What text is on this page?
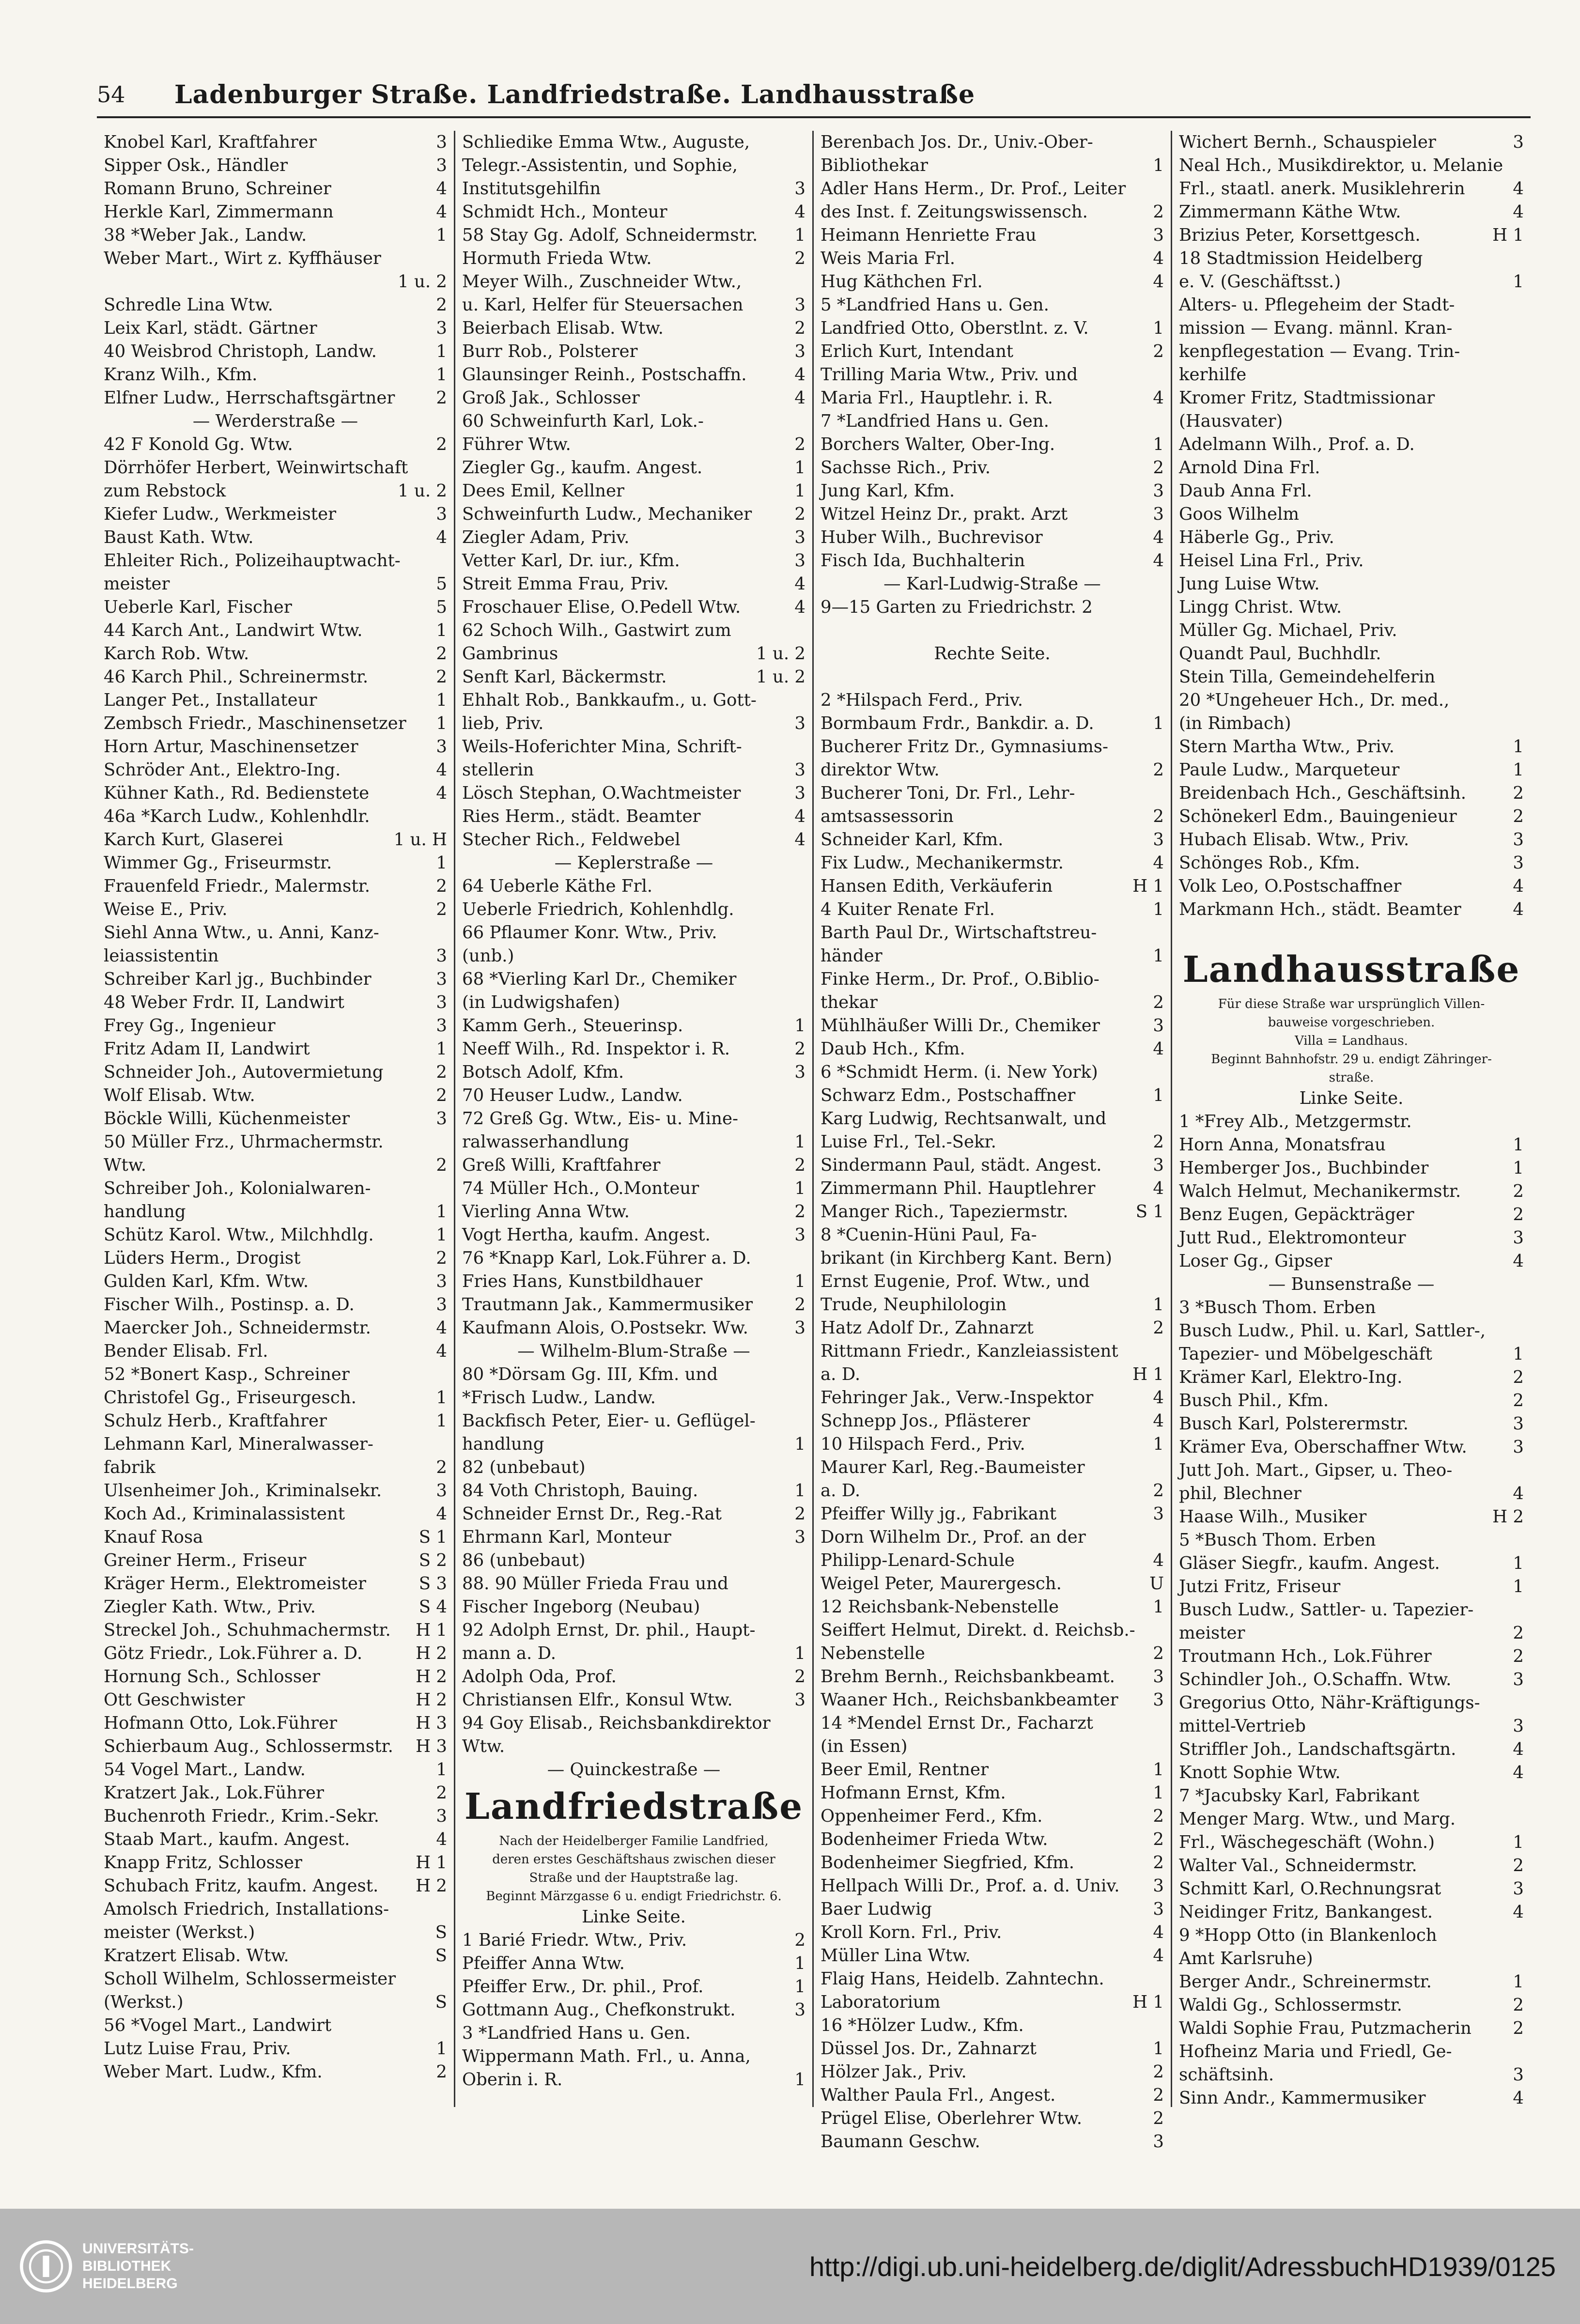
54	Ladenburger Straße. Landfriedstraße. Landhausstraße
Knobel Karl, Kraftfahrer	3
Sipper Osk., Händler	3
Romann Bruno, Schreiner	4
Herkle Karl, Zimmermann	4
38 *Weber Jak., Landw.	1
Weber Mart., Wirt z. Kyffhäuser
1 u. 2
Schredle Lina Wtw.	2
Leix Karl, städt. Gärtner	3
40 Weisbrod Christoph, Landw.	1
Kranz Wilh., Kfm.	1
Elfner Ludw., Herrschaftsgärtner 2
— Werderstraße —
42 F Konold Gg. Wtw.	2
Dörrhöfer Herbert, Weinwirtschaft
zum Rebstock	1 u. 2
Kiefer Ludw., Werkmeister	3
Baust Kath. Wtw.	4
Ehleiter Rich., Polizeihauptwacht-
meister	5
Ueberle Karl, Fischer	5
44 Karch Ant., Landwirt Wtw.	1
Karch Rob. Wtw.	2
46 Karch Phil., Schreinermstr.	2
Langer Pet., Installateur	1
Zembsch Friedr., Maschinensetzer 1
Horn Artur, Maschinensetzer	3
Schröder Ant., Elektro-Ing.	4
Kühner Kath., Rd. Bedienstete	4
46a *Karch Ludw., Kohlenhdlr.
Karch Kurt, Glaserei	1 u. H
Wimmer Gg., Friseurmstr.	1
Frauenfeld Friedr., Malermstr.	2
Weise E., Priv.	2
Siehl Anna Wtw., u. Anni, Kanz-
leiassistentin	3
Schreiber Karl jg., Buchbinder	3
48 Weber Frdr. II, Landwirt	3
Frey Gg., Ingenieur	3
Fritz Adam II, Landwirt	1
Schneider Joh., Autovermietung	2
Wolf Elisab. Wtw.	2
Böckle Willi, Küchenmeister	3
50 Müller Frz., Uhrmachermstr.
Wtw.	2
Schreiber Joh., Kolonialwaren-
handlung	1
Schütz Karol. Wtw., Milchhdlg.	1
Lüders Herm., Drogist	2
Gulden Karl, Kfm. Wtw.	3
Fischer Wilh., Postinsp. a. D.	3
Maercker Joh., Schneidermstr.	4
Bender Elisab. Frl.	4
52 *Bonert Kasp., Schreiner
Christofel Gg., Friseurgesch.	1
Schulz Herb., Kraftfahrer	1
Lehmann Karl, Mineralwasser-
fabrik	2
Ulsenheimer Joh., Kriminalsekr.	3
Koch Ad., Kriminalassistent	4
Knauf Rosa	S 1
Greiner Herm., Friseur	S 2
Kräger Herm., Elektromeister	S 3
Ziegler Kath. Wtw., Priv.	S 4
Streckel Joh., Schuhmachermstr. H 1
Götz Friedr., Lok.Führer a. D.	H 2
Hornung Sch., Schlosser	H 2
Ott Geschwister	H 2
Hofmann Otto, Lok.Führer	H 3
Schierbaum Aug., Schlossermstr. H 3
54 Vogel Mart., Landw.	1
Kratzert Jak., Lok.Führer	2
Buchenroth Friedr., Krim.-Sekr.	3
Staab Mart., kaufm. Angest.	4
Knapp Fritz, Schlosser	H 1
Schubach Fritz, kaufm. Angest. H 2
Amolsch Friedrich, Installations-
meister (Werkst.)	S
Kratzert Elisab. Wtw.	S
Scholl Wilhelm, Schlossermeister
(Werkst.)	S
56 *Vogel Mart., Landwirt
Lutz Luise Frau, Priv.	1
Weber Mart. Ludw., Kfm.	2
Schliedike Emma Wtw., Auguste,
Telegr.-Assistentin, und Sophie,
Institutsgehilfin	3
Schmidt Hch., Monteur	4
58 Stay Gg. Adolf, Schneidermstr. 1
Hormuth Frieda Wtw.	2
Meyer Wilh., Zuschneider Wtw.,
u. Karl, Helfer für Steuersachen	3
Beierbach Elisab. Wtw.	2
Burr Rob., Polsterer	3
Glaunsinger Reinh., Postschaffn.	4
Groß Jak., Schlosser	4
60 Schweinfurth Karl, Lok.-
Führer Wtw.	2
Ziegler Gg., kaufm. Angest.	1
Dees Emil, Kellner	1
Schweinfurth Ludw., Mechaniker 2
Ziegler Adam, Priv.	3
Vetter Karl, Dr. iur., Kfm.	3
Streit Emma Frau, Priv.	4
Froschauer Elise, O.Pedell Wtw.	4
62 Schoch Wilh., Gastwirt zum
Gambrinus	1 u. 2
Senft Karl, Bäckermstr.	1 u. 2
Ehhalt Rob., Bankkaufm., u. Gott-
lieb, Priv.	3
Weils-Hoferichter Mina, Schrift-
stellerin	3
Lösch Stephan, O.Wachtmeister	3
Ries Herm., städt. Beamter	4
Stecher Rich., Feldwebel	4
— Keplerstraße —
64 Ueberle Käthe Frl.
Ueberle Friedrich, Kohlenhdlg.
66 Pflaumer Konr. Wtw., Priv.
(unb.)
68 *Vierling Karl Dr., Chemiker
(in Ludwigshafen)
Kamm Gerh., Steuerinsp.	1
Neeff Wilh., Rd. Inspektor i. R.	2
Botsch Adolf, Kfm.	3
70 Heuser Ludw., Landw.
72 Greß Gg. Wtw., Eis- u. Mine-
ralwasserhandlung	1
Greß Willi, Kraftfahrer	2
74 Müller Hch., O.Monteur	1
Vierling Anna Wtw.	2
Vogt Hertha, kaufm. Angest.	3
76 *Knapp Karl, Lok.Führer a. D.
Fries Hans, Kunstbildhauer	1
Trautmann Jak., Kammermusiker 2
Kaufmann Alois, O.Postsekr. Ww.	3
— Wilhelm-Blum-Straße —
80 *Dörsam Gg. III, Kfm. und
*Frisch Ludw., Landw.
Backfisch Peter, Eier- u. Geflügel-
handlung	1
82 (unbebaut)
84 Voth Christoph, Bauing.	1
Schneider Ernst Dr., Reg.-Rat	2
Ehrmann Karl, Monteur	3
86 (unbebaut)
88. 90 Müller Frieda Frau und
Fischer Ingeborg (Neubau)
92 Adolph Ernst, Dr. phil., Haupt-
mann a. D.	1
Adolph Oda, Prof.	2
Christiansen Elfr., Konsul Wtw.	3
94 Goy Elisab., Reichsbankdirektor
Wtw.
— Quinckestraße —
Landfriedstraße
Nach der Heidelberger Familie Landfried,
deren erstes Geschäftshaus zwischen dieser
Straße und der Hauptstraße lag.
Beginnt Märzgasse 6 u. endigt Friedrichstr. 6.
Linke Seite.
1 Barié Friedr. Wtw., Priv.	2
Pfeiffer Anna Wtw.	1
Pfeiffer Erw., Dr. phil., Prof.	1
Gottmann Aug., Chefkonstrukt.	3
3 *Landfried Hans u. Gen.
Wippermann Math. Frl., u. Anna,
Oberin i. R.	1
Berenbach Jos. Dr., Univ.-Ober-
Bibliothekar	1
Adler Hans Herm., Dr. Prof., Leiter
des Inst. f. Zeitungswissensch.	2
Heimann Henriette Frau	3
Weis Maria Frl.	4
Hug Käthchen Frl.	4
5 *Landfried Hans u. Gen.
Landfried Otto, Oberstlnt. z. V.	1
Erlich Kurt, Intendant	2
Trilling Maria Wtw., Priv. und
Maria Frl., Hauptlehr. i. R.	4
7 *Landfried Hans u. Gen.
Borchers Walter, Ober-Ing.	1
Sachsse Rich., Priv.	2
Jung Karl, Kfm.	3
Witzel Heinz Dr., prakt. Arzt	3
Huber Wilh., Buchrevisor	4
Fisch Ida, Buchhalterin	4
— Karl-Ludwig-Straße —
9—15 Garten zu Friedrichstr. 2
Rechte Seite.
2 *Hilspach Ferd., Priv.
Bormbaum Frdr., Bankdir. a. D.	1
Bucherer Fritz Dr., Gymnasiums-
direktor Wtw.	2
Bucherer Toni, Dr. Frl., Lehr-
amtsassessorin	2
Schneider Karl, Kfm.	3
Fix Ludw., Mechanikermstr.	4
Hansen Edith, Verkäuferin	H 1
4 Kuiter Renate Frl.	1
Barth Paul Dr., Wirtschaftstreu-
händer	1
Finke Herm., Dr. Prof., O.Biblio-
thekar	2
Mühlhäußer Willi Dr., Chemiker	3
Daub Hch., Kfm.	4
6 *Schmidt Herm. (i. New York)
Schwarz Edm., Postschaffner	1
Karg Ludwig, Rechtsanwalt, und
Luise Frl., Tel.-Sekr.	2
Sindermann Paul, städt. Angest.	3
Zimmermann Phil. Hauptlehrer	4
Manger Rich., Tapeziermstr.	S 1
8 *Cuenin-Hüni Paul, Fa-
brikant (in Kirchberg Kant. Bern)
Ernst Eugenie, Prof. Wtw., und
Trude, Neuphilologin	1
Hatz Adolf Dr., Zahnarzt	2
Rittmann Friedr., Kanzleiassistent
a. D.	H 1
Fehringer Jak., Verw.-Inspektor	4
Schnepp Jos., Pflästerer	4
10 Hilspach Ferd., Priv.	1
Maurer Karl, Reg.-Baumeister
a. D.	2
Pfeiffer Willy jg., Fabrikant	3
Dorn Wilhelm Dr., Prof. an der
Philipp-Lenard-Schule	4
Weigel Peter, Maurergesch.	U
12 Reichsbank-Nebenstelle	1
Seiffert Helmut, Direkt. d. Reichsb.-
Nebenstelle	2
Brehm Bernh., Reichsbankbeamt. 3
Waaner Hch., Reichsbankbeamter 3
14 *Mendel Ernst Dr., Facharzt
(in Essen)
Beer Emil, Rentner	1
Hofmann Ernst, Kfm.	1
Oppenheimer Ferd., Kfm.	2
Bodenheimer Frieda Wtw.	2
Bodenheimer Siegfried, Kfm.	2
Hellpach Willi Dr., Prof. a. d. Univ. 3
Baer Ludwig	3
Kroll Korn. Frl., Priv.	4
Müller Lina Wtw.	4
Flaig Hans, Heidelb. Zahntechn.
Laboratorium	H 1
16 *Hölzer Ludw., Kfm.
Düssel Jos. Dr., Zahnarzt	1
Hölzer Jak., Priv.	2
Walther Paula Frl., Angest.	2
Prügel Elise, Oberlehrer Wtw.	2
Baumann Geschw.	3
Wichert Bernh., Schauspieler	3
Neal Hch., Musikdirektor, u. Melanie
Frl., staatl. anerk. Musiklehrerin	4
Zimmermann Käthe Wtw.	4
Brizius Peter, Korsettgesch.	H 1
18 Stadtmission Heidelberg
e. V. (Geschäftsst.)	1
Alters- u. Pflegeheim der Stadt-
mission — Evang. männl. Kran-
kenpflegestation — Evang. Trin-
kerhilfe
Kromer Fritz, Stadtmissionar
(Hausvater)
Adelmann Wilh., Prof. a. D.
Arnold Dina Frl.
Daub Anna Frl.
Goos Wilhelm
Häberle Gg., Priv.
Heisel Lina Frl., Priv.
Jung Luise Wtw.
Lingg Christ. Wtw.
Müller Gg. Michael, Priv.
Quandt Paul, Buchhdlr.
Stein Tilla, Gemeindehelferin
20 *Ungeheuer Hch., Dr. med.,
(in Rimbach)
Stern Martha Wtw., Priv.	1
Paule Ludw., Marqueteur	1
Breidenbach Hch., Geschäftsinh.	2
Schönekerl Edm., Bauingenieur	2
Hubach Elisab. Wtw., Priv.	3
Schönges Rob., Kfm.	3
Volk Leo, O.Postschaffner	4
Markmann Hch., städt. Beamter	4
Landhausstraße
Für diese Straße war ursprünglich Villen-
bauweise vorgeschrieben.
Villa = Landhaus.
Beginnt Bahnhofstr. 29 u. endigt Zähringer-
straße.
Linke Seite.
1 *Frey Alb., Metzgermstr.
Horn Anna, Monatsfrau	1
Hemberger Jos., Buchbinder	1
Walch Helmut, Mechanikermstr.	2
Benz Eugen, Gepäckträger	2
Jutt Rud., Elektromonteur	3
Loser Gg., Gipser	4
— Bunsenstraße —
3 *Busch Thom. Erben
Busch Ludw., Phil. u. Karl, Sattler-,
Tapezier- und Möbelgeschäft	1
Krämer Karl, Elektro-Ing.	2
Busch Phil., Kfm.	2
Busch Karl, Polsterermstr.	3
Krämer Eva, Oberschaffner Wtw.	3
Jutt Joh. Mart., Gipser, u. Theo-
phil, Blechner	4
Haase Wilh., Musiker	H 2
5 *Busch Thom. Erben
Gläser Siegfr., kaufm. Angest.	1
Jutzi Fritz, Friseur	1
Busch Ludw., Sattler- u. Tapezier-
meister	2
Troutmann Hch., Lok.Führer	2
Schindler Joh., O.Schaffn. Wtw.	3
Gregorius Otto, Nähr-Kräftigungs-
mittel-Vertrieb	3
Striffler Joh., Landschaftsgärtn.	4
Knott Sophie Wtw.	4
7 *Jacubsky Karl, Fabrikant
Menger Marg. Wtw., und Marg.
Frl., Wäschegeschäft (Wohn.)	1
Walter Val., Schneidermstr.	2
Schmitt Karl, O.Rechnungsrat	3
Neidinger Fritz, Bankangest.	4
9 *Hopp Otto (in Blankenloch
Amt Karlsruhe)
Berger Andr., Schreinermstr.	1
Waldi Gg., Schlossermstr.	2
Waldi Sophie Frau, Putzmacherin 2
Hofheinz Maria und Friedl, Ge-
schäftsinh.	3
Sinn Andr., Kammermusiker	4
UNIVERSITÄTS-
BIBLIOTHEK
HEIDELBERG
http://digi.ub.uni-heidelberg.de/diglit/AdressbuchHD1939/0125
